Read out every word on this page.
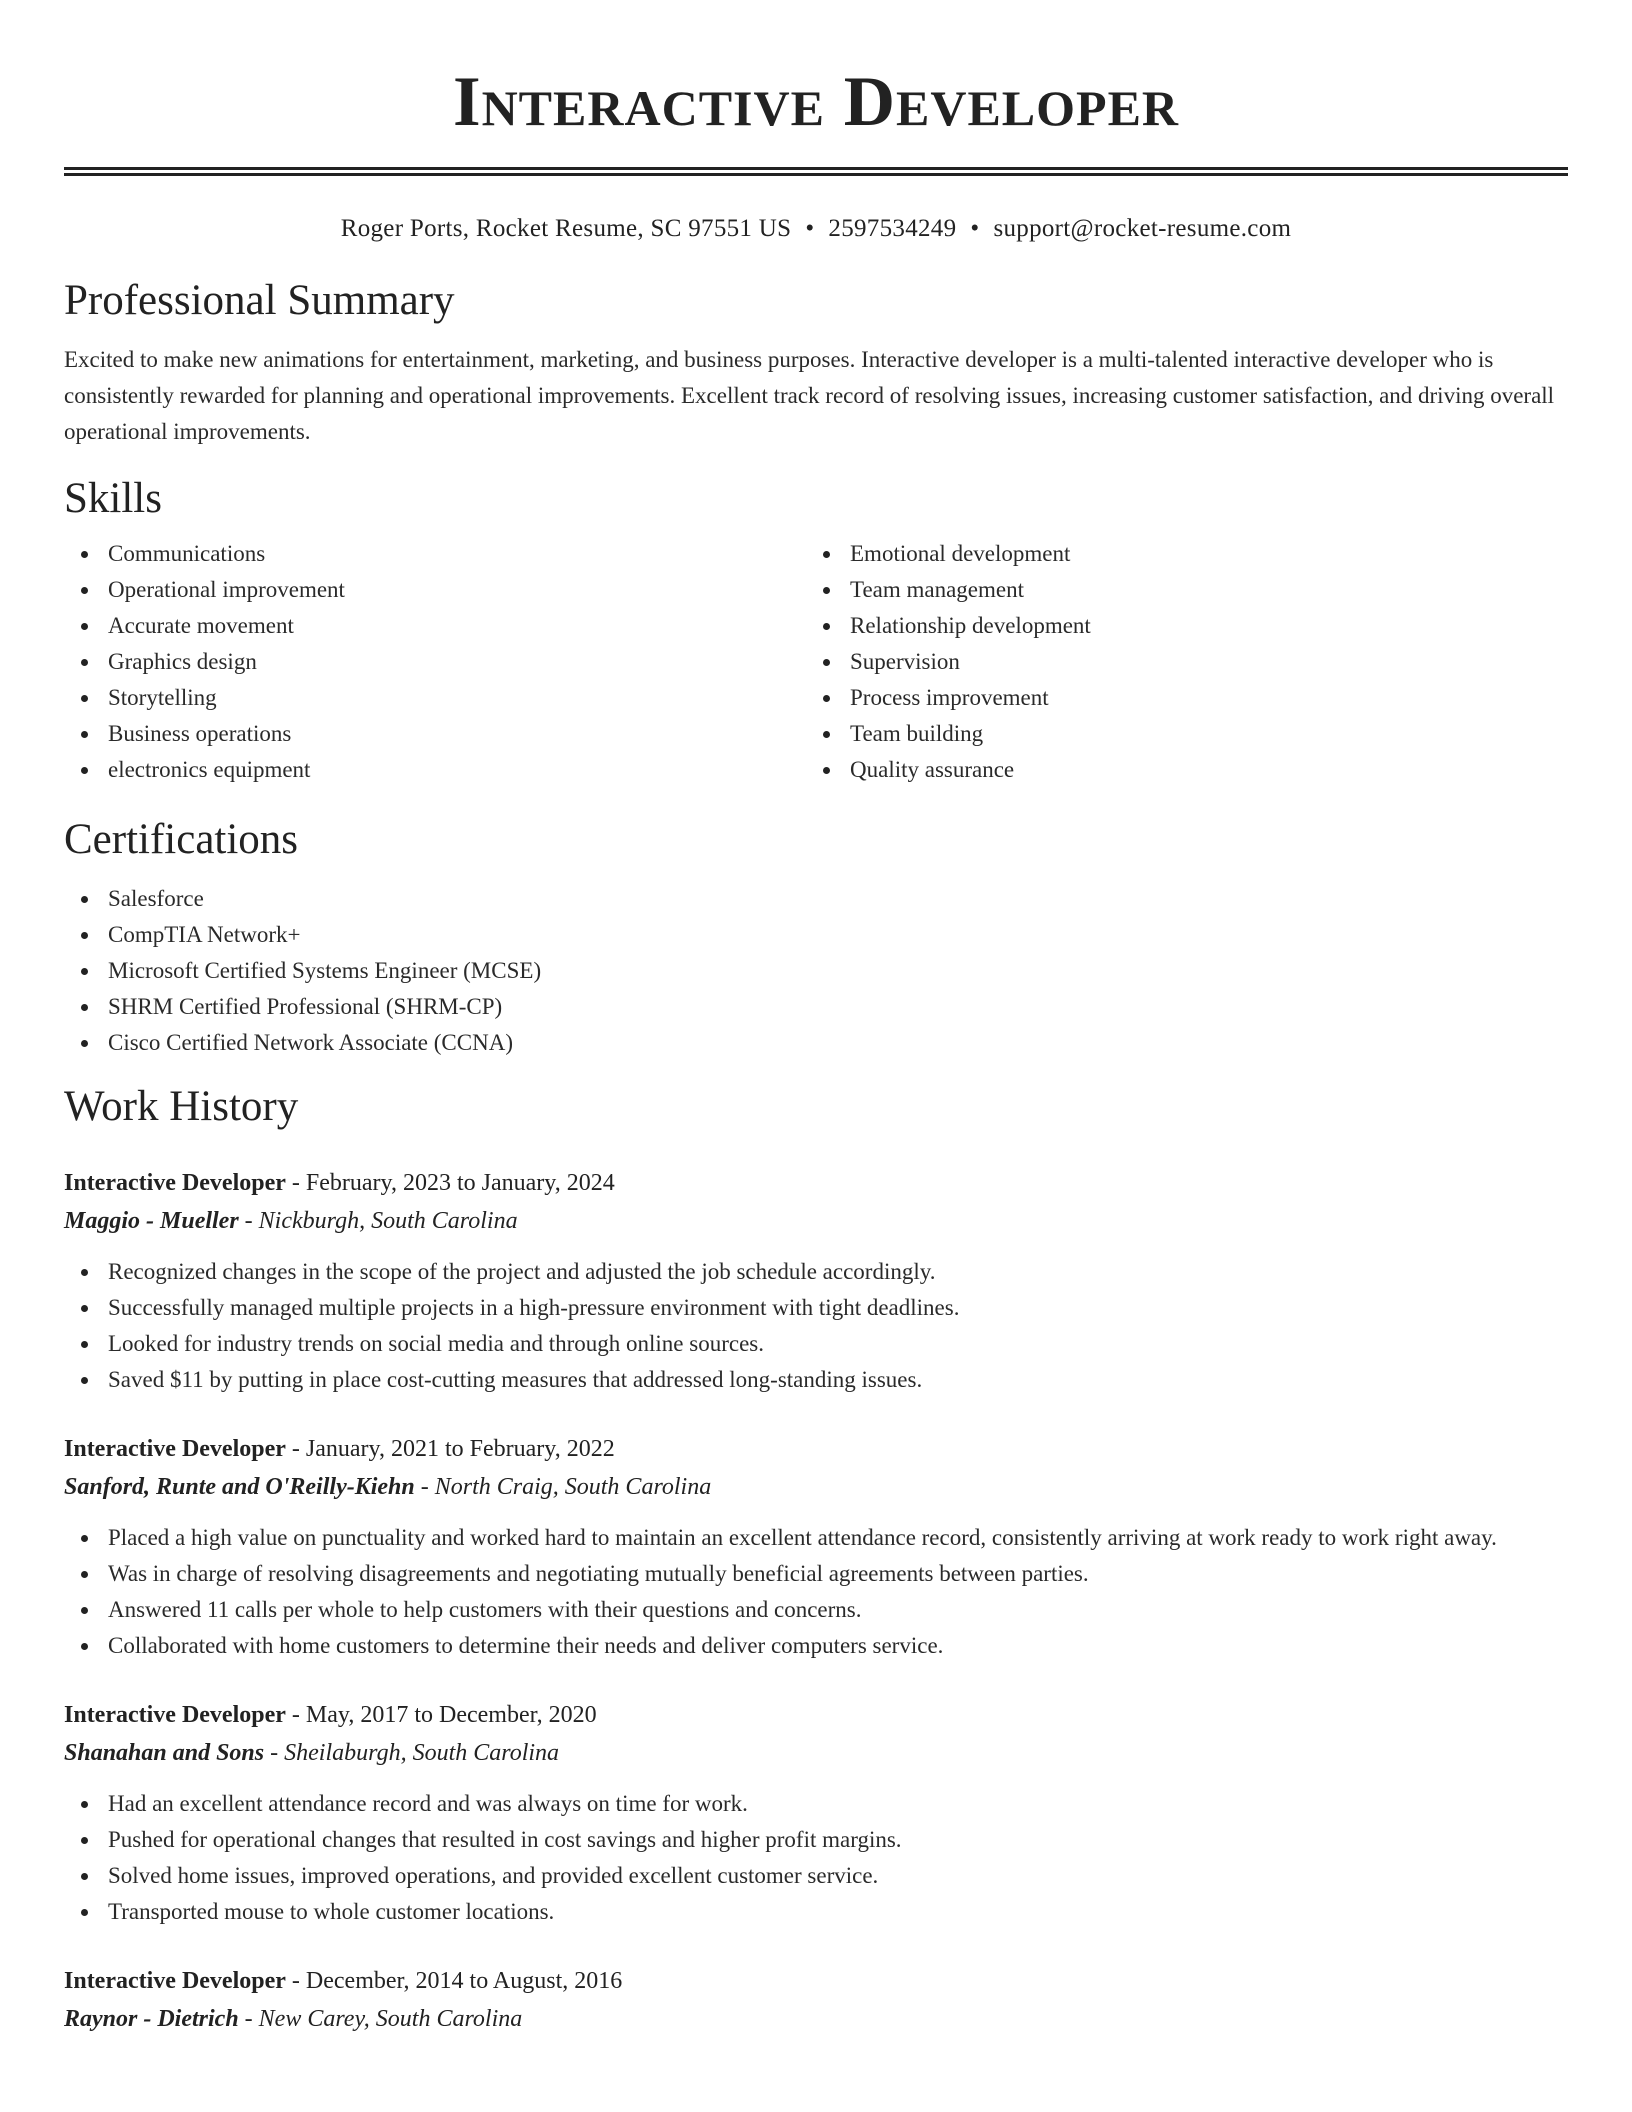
Interactive Developer
Roger Ports, Rocket Resume, SC 97551 US • 2597534249 • support@rocket-resume.com
Professional Summary

Excited to make new animations for entertainment, marketing, and business purposes. Interactive developer is a multi-talented interactive developer who is consistently rewarded for planning and operational improvements. Excellent track record of resolving issues, increasing customer satisfaction, and driving overall operational improvements.

Skills
Communications
Operational improvement
Accurate movement
Graphics design
Storytelling
Business operations
electronics equipment
Emotional development
Team management
Relationship development
Supervision
Process improvement
Team building
Quality assurance
Certifications
Salesforce
CompTIA Network+
Microsoft Certified Systems Engineer (MCSE)
SHRM Certified Professional (SHRM-CP)
Cisco Certified Network Associate (CCNA)
Work History
Interactive Developer - February, 2023 to January, 2024
Maggio - Mueller - Nickburgh, South Carolina
Recognized changes in the scope of the project and adjusted the job schedule accordingly.
Successfully managed multiple projects in a high-pressure environment with tight deadlines.
Looked for industry trends on social media and through online sources.
Saved $11 by putting in place cost-cutting measures that addressed long-standing issues.
Interactive Developer - January, 2021 to February, 2022
Sanford, Runte and O'Reilly-Kiehn - North Craig, South Carolina
Placed a high value on punctuality and worked hard to maintain an excellent attendance record, consistently arriving at work ready to work right away.
Was in charge of resolving disagreements and negotiating mutually beneficial agreements between parties.
Answered 11 calls per whole to help customers with their questions and concerns.
Collaborated with home customers to determine their needs and deliver computers service.
Interactive Developer - May, 2017 to December, 2020
Shanahan and Sons - Sheilaburgh, South Carolina
Had an excellent attendance record and was always on time for work.
Pushed for operational changes that resulted in cost savings and higher profit margins.
Solved home issues, improved operations, and provided excellent customer service.
Transported mouse to whole customer locations.
Interactive Developer - December, 2014 to August, 2016
Raynor - Dietrich - New Carey, South Carolina
